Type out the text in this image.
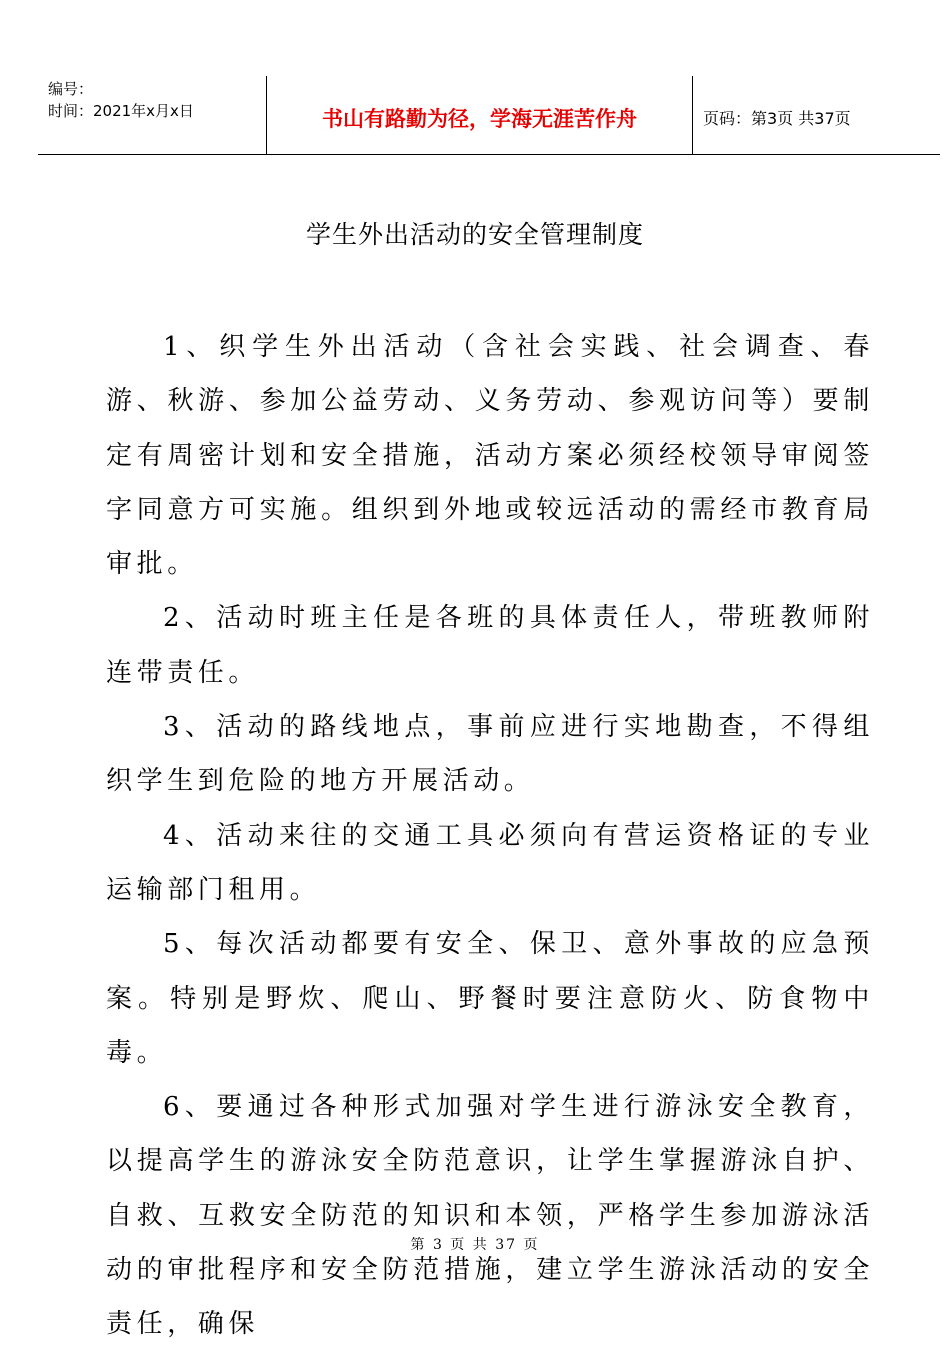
编号：
时间：2021年x月x日	书山有路勤为径，学海无涯苦作舟	页码：第3页 共37页
学生外出活动的安全管理制度

1、织学生外出活动（含社会实践、社会调查、春游、秋游、参加公益劳动、义务劳动、参观访问等）要制定有周密计划和安全措施，活动方案必须经校领导审阅签字同意方可实施。组织到外地或较远活动的需经市教育局审批。

2、活动时班主任是各班的具体责任人，带班教师附连带责任。

3、活动的路线地点，事前应进行实地勘查，不得组织学生到危险的地方开展活动。

4、活动来往的交通工具必须向有营运资格证的专业运输部门租用。

5、每次活动都要有安全、保卫、意外事故的应急预案。特别是野炊、爬山、野餐时要注意防火、防食物中毒。

6、要通过各种形式加强对学生进行游泳安全教育，以提高学生的游泳安全防范意识，让学生掌握游泳自护、自救、互救安全防范的知识和本领，严格学生参加游泳活动的审批程序和安全防范措施，建立学生游泳活动的安全责任，确保

第 3 页 共 37 页
